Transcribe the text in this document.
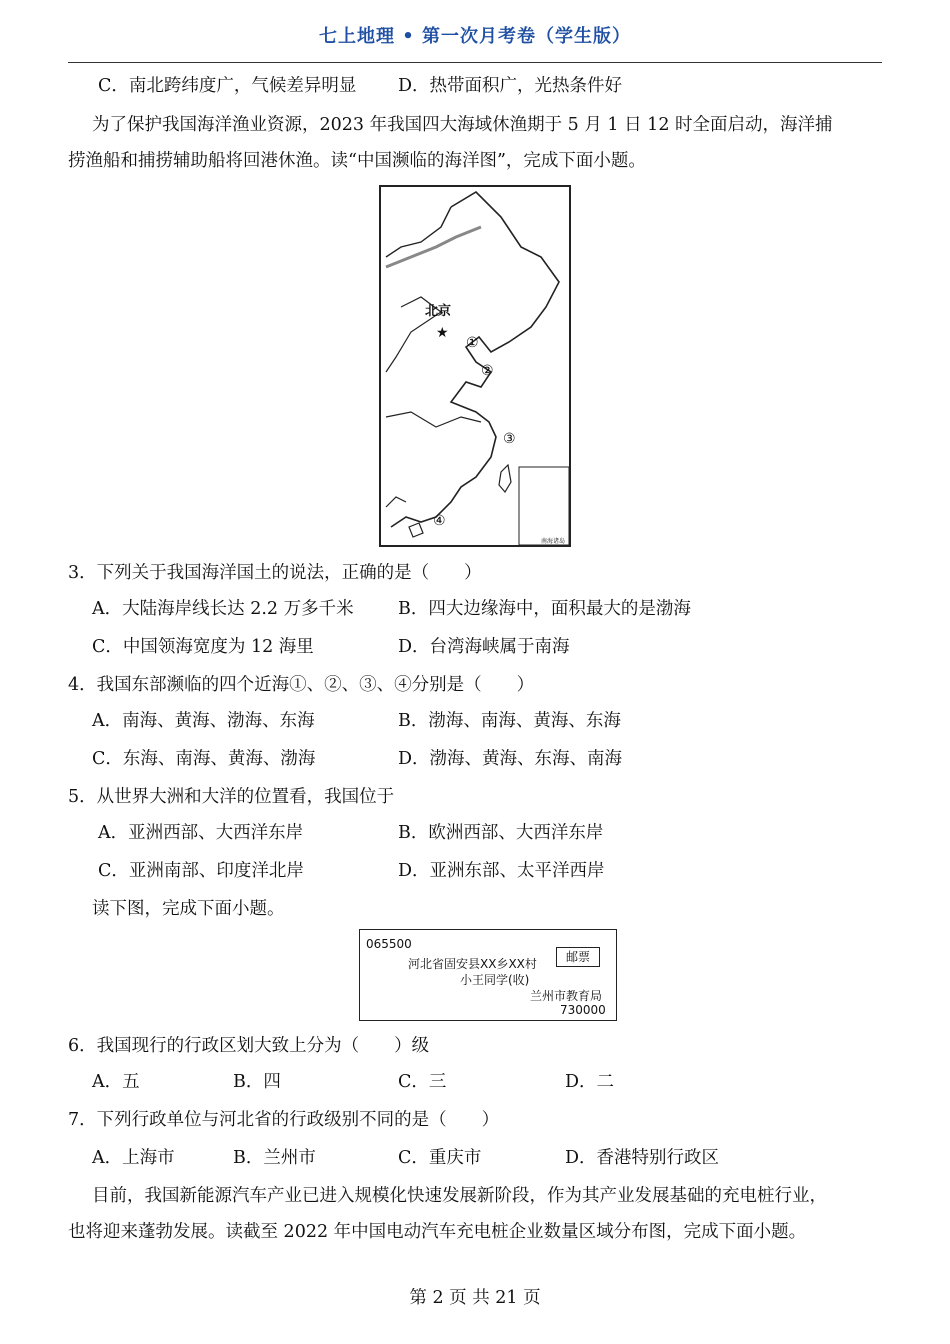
七上地理 • 第一次月考卷（学生版）
C．南北跨纬度广，气候差异明显 D．热带面积广，光热条件好
为了保护我国海洋渔业资源，2023 年我国四大海域休渔期于 5 月 1 日 12 时全面启动，海洋捕
捞渔船和捕捞辅助船将回港休渔。读“中国濒临的海洋图”，完成下面小题。
北京
★
①
②
③
④
南海诸岛
3．下列关于我国海洋国土的说法，正确的是（　　）
A．大陆海岸线长达 2.2 万多千米	B．四大边缘海中，面积最大的是渤海
C．中国领海宽度为 12 海里	D．台湾海峡属于南海
4．我国东部濒临的四个近海①、②、③、④分别是（　　）
A．南海、黄海、渤海、东海	B．渤海、南海、黄海、东海
C．东海、南海、黄海、渤海	D．渤海、黄海、东海、南海
5．从世界大洲和大洋的位置看，我国位于
A．亚洲西部、大西洋东岸	B．欧洲西部、大西洋东岸
C．亚洲南部、印度洋北岸	D．亚洲东部、太平洋西岸
读下图，完成下面小题。
065500
河北省固安县XX乡XX村
小王同学(收)
邮票
兰州市教育局
730000
6．我国现行的行政区划大致上分为（　　）级
A．五	B．四	C．三	D．二
7．下列行政单位与河北省的行政级别不同的是（　　）
A．上海市	B．兰州市	C．重庆市	D．香港特别行政区
目前，我国新能源汽车产业已进入规模化快速发展新阶段，作为其产业发展基础的充电桩行业，
也将迎来蓬勃发展。读截至 2022 年中国电动汽车充电桩企业数量区域分布图，完成下面小题。
第 2 页 共 21 页
